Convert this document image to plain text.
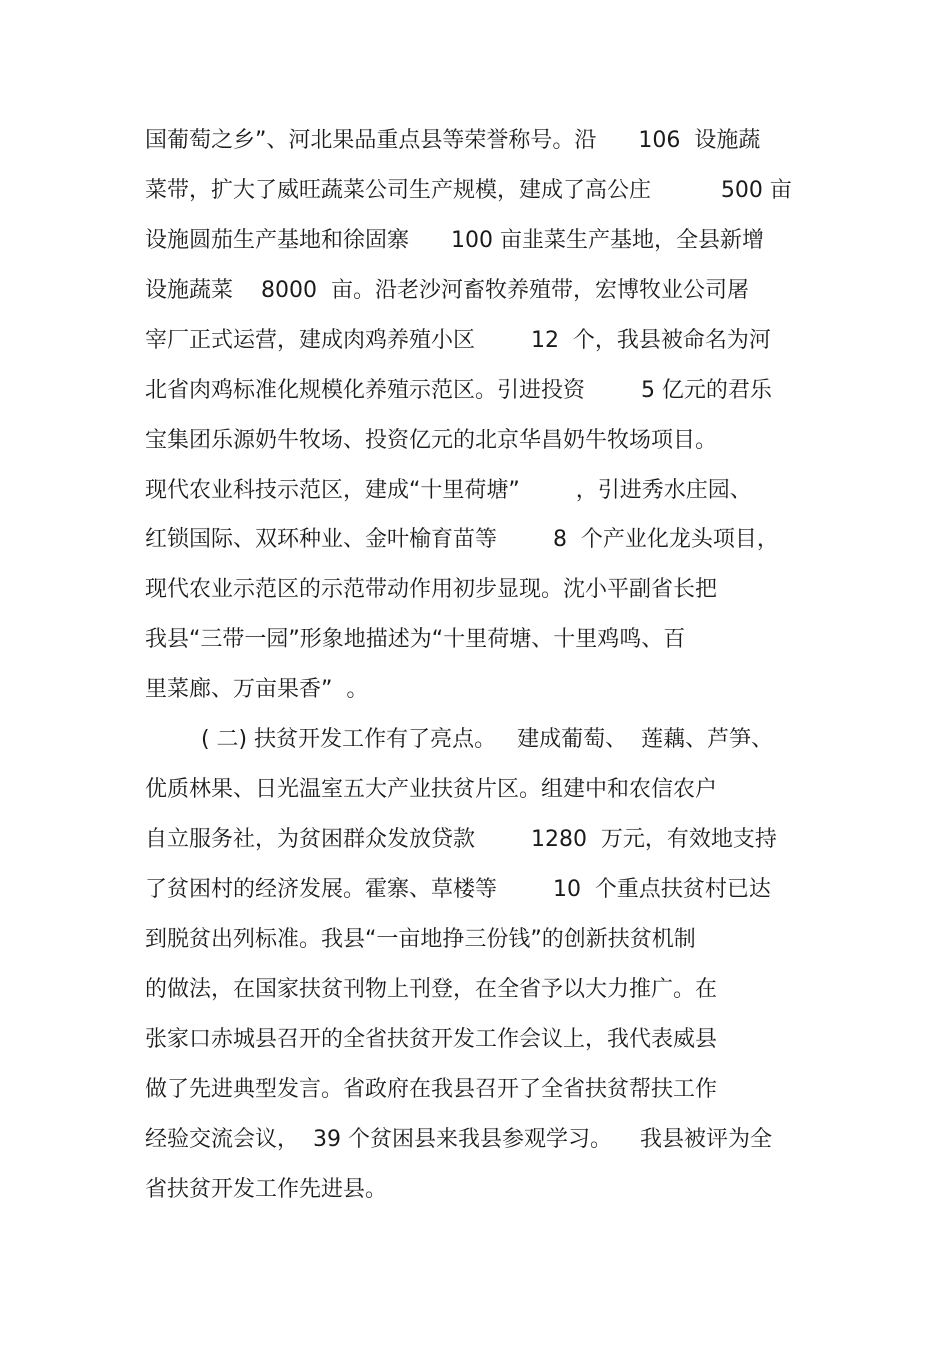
国葡萄之乡”、河北果品重点县等荣誉称号。沿      106  设施蔬
菜带，扩大了威旺蔬菜公司生产规模，建成了高公庄          500 亩
设施圆茄生产基地和徐固寨      100 亩韭菜生产基地，全县新增
设施蔬菜    8000  亩。沿老沙河畜牧养殖带，宏博牧业公司屠
宰厂正式运营，建成肉鸡养殖小区        12  个，我县被命名为河
北省肉鸡标准化规模化养殖示范区。引进投资        5 亿元的君乐
宝集团乐源奶牛牧场、投资亿元的北京华昌奶牛牧场项目。
现代农业科技示范区，建成“十里荷塘”        ，引进秀水庄园、
红锁国际、双环种业、金叶榆育苗等        8  个产业化龙头项目，
现代农业示范区的示范带动作用初步显现。沈小平副省长把
我县“三带一园”形象地描述为“十里荷塘、十里鸡鸣、百
里菜廊、万亩果香”  。
( 二) 扶贫开发工作有了亮点。   建成葡萄、  莲藕、芦笋、
优质林果、日光温室五大产业扶贫片区。组建中和农信农户
自立服务社，为贫困群众发放贷款        1280  万元，有效地支持
了贫困村的经济发展。霍寨、草楼等        10  个重点扶贫村已达
到脱贫出列标准。我县“一亩地挣三份钱”的创新扶贫机制
的做法，在国家扶贫刊物上刊登，在全省予以大力推广。在
张家口赤城县召开的全省扶贫开发工作会议上，我代表威县
做了先进典型发言。省政府在我县召开了全省扶贫帮扶工作
经验交流会议，  39 个贫困县来我县参观学习。    我县被评为全
省扶贫开发工作先进县。
